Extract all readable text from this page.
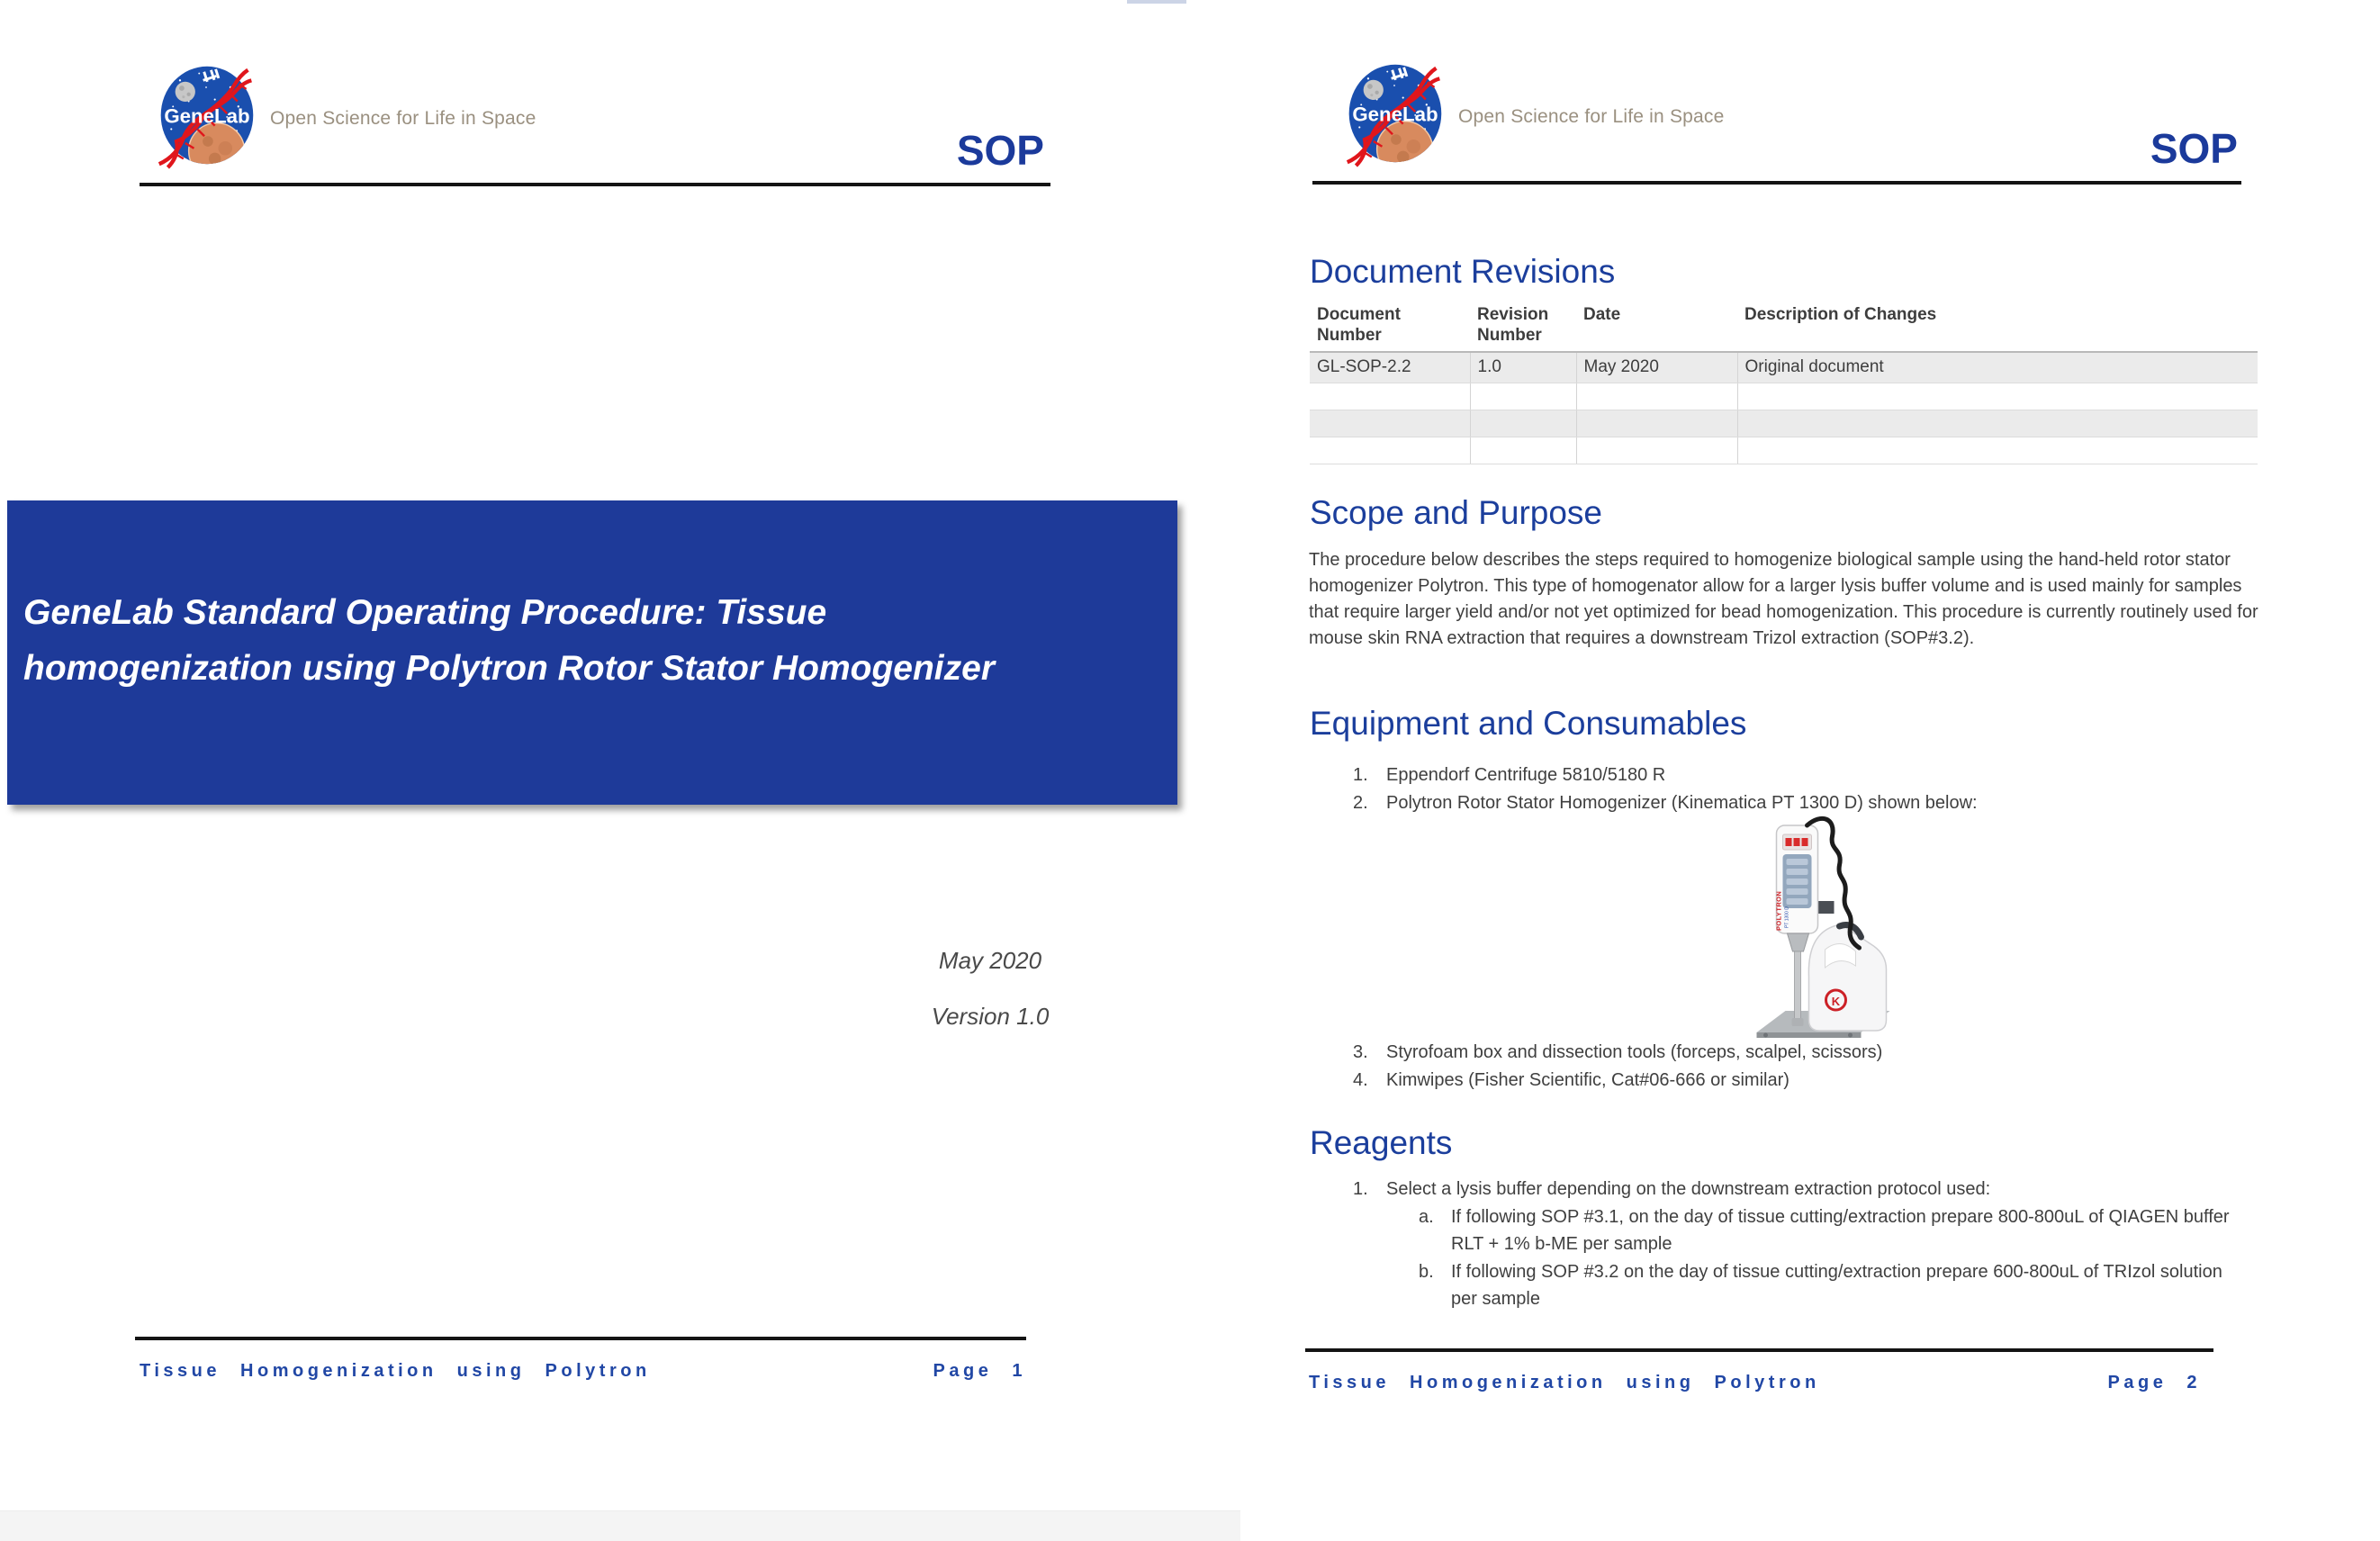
GeneLab Open Science for Life in Space
SOP
GeneLab Standard Operating Procedure: Tissue homogenization using Polytron Rotor Stator Homogenizer
May 2020
Version 1.0
Tissue Homogenization using Polytron	Page 1
GeneLab Open Science for Life in Space
SOP
Document Revisions
Document Number	Revision Number	Date	Description of Changes
GL-SOP-2.2	1.0	May 2020	Original document

Scope and Purpose
The procedure below describes the steps required to homogenize biological sample using the hand-held rotor stator homogenizer Polytron. This type of homogenator allow for a larger lysis buffer volume and is used mainly for samples that require larger yield and/or not yet optimized for bead homogenization. This procedure is currently routinely used for mouse skin RNA extraction that requires a downstream Trizol extraction (SOP#3.2).
Equipment and Consumables
1.	Eppendorf Centrifuge 5810/5180 R
2.	Polytron Rotor Stator Homogenizer (Kinematica PT 1300 D) shown below:
K
POLYTRON PT 1300 D
3.	Styrofoam box and dissection tools (forceps, scalpel, scissors)
4.	Kimwipes (Fisher Scientific, Cat#06-666 or similar)
Reagents
1.	Select a lysis buffer depending on the downstream extraction protocol used:
a. If following SOP #3.1, on the day of tissue cutting/extraction prepare 800-800uL of QIAGEN buffer RLT + 1% b-ME per sample
b. If following SOP #3.2 on the day of tissue cutting/extraction prepare 600-800uL of TRIzol solution per sample
Tissue Homogenization using Polytron	Page 2
